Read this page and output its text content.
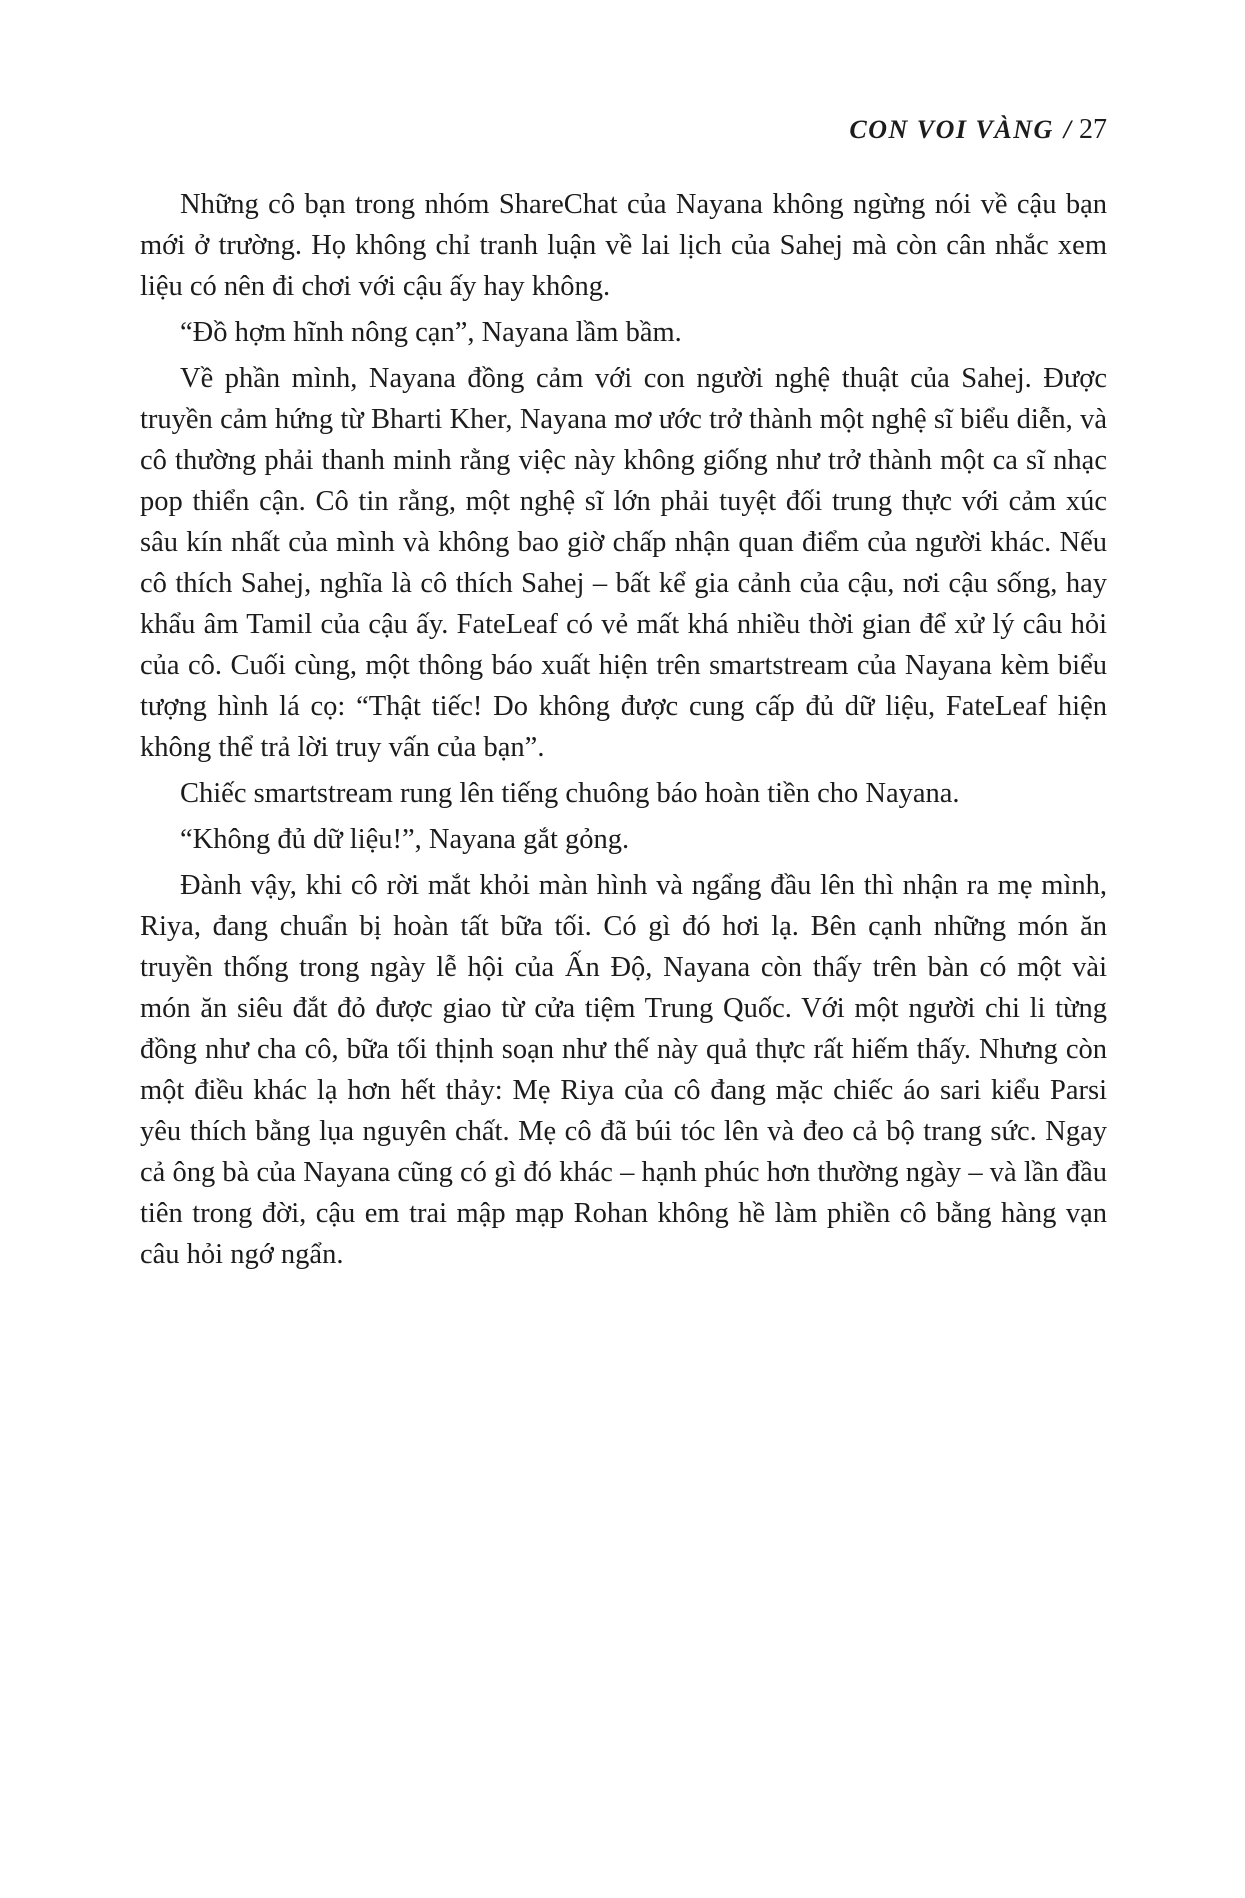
CON VOI VÀNG / 27

Những cô bạn trong nhóm ShareChat của Nayana không ngừng nói về cậu bạn mới ở trường. Họ không chỉ tranh luận về lai lịch của Sahej mà còn cân nhắc xem liệu có nên đi chơi với cậu ấy hay không.

“Đồ hợm hĩnh nông cạn”, Nayana lầm bầm.

Về phần mình, Nayana đồng cảm với con người nghệ thuật của Sahej. Được truyền cảm hứng từ Bharti Kher, Nayana mơ ước trở thành một nghệ sĩ biểu diễn, và cô thường phải thanh minh rằng việc này không giống như trở thành một ca sĩ nhạc pop thiển cận. Cô tin rằng, một nghệ sĩ lớn phải tuyệt đối trung thực với cảm xúc sâu kín nhất của mình và không bao giờ chấp nhận quan điểm của người khác. Nếu cô thích Sahej, nghĩa là cô thích Sahej – bất kể gia cảnh của cậu, nơi cậu sống, hay khẩu âm Tamil của cậu ấy. FateLeaf có vẻ mất khá nhiều thời gian để xử lý câu hỏi của cô. Cuối cùng, một thông báo xuất hiện trên smartstream của Nayana kèm biểu tượng hình lá cọ: “Thật tiếc! Do không được cung cấp đủ dữ liệu, FateLeaf hiện không thể trả lời truy vấn của bạn”.

Chiếc smartstream rung lên tiếng chuông báo hoàn tiền cho Nayana.

“Không đủ dữ liệu!”, Nayana gắt gỏng.

Đành vậy, khi cô rời mắt khỏi màn hình và ngẩng đầu lên thì nhận ra mẹ mình, Riya, đang chuẩn bị hoàn tất bữa tối. Có gì đó hơi lạ. Bên cạnh những món ăn truyền thống trong ngày lễ hội của Ấn Độ, Nayana còn thấy trên bàn có một vài món ăn siêu đắt đỏ được giao từ cửa tiệm Trung Quốc. Với một người chi li từng đồng như cha cô, bữa tối thịnh soạn như thế này quả thực rất hiếm thấy. Nhưng còn một điều khác lạ hơn hết thảy: Mẹ Riya của cô đang mặc chiếc áo sari kiểu Parsi yêu thích bằng lụa nguyên chất. Mẹ cô đã búi tóc lên và đeo cả bộ trang sức. Ngay cả ông bà của Nayana cũng có gì đó khác – hạnh phúc hơn thường ngày – và lần đầu tiên trong đời, cậu em trai mập mạp Rohan không hề làm phiền cô bằng hàng vạn câu hỏi ngớ ngẩn.
